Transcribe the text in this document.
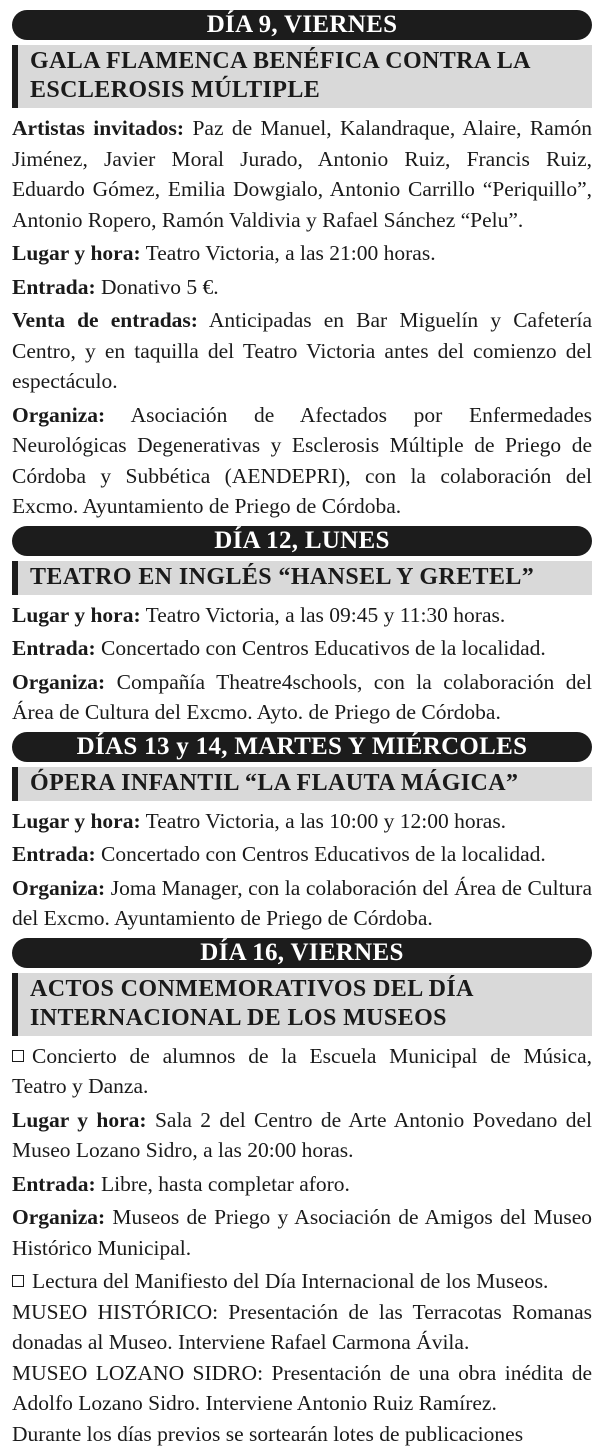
DÍA 9, VIERNES
GALA FLAMENCA BENÉFICA CONTRA LA
ESCLEROSIS MÚLTIPLE

Artistas invitados: Paz de Manuel, Kalandraque, Alaire, Ramón Jiménez, Javier Moral Jurado, Antonio Ruiz, Francis Ruiz, Eduardo Gómez, Emilia Dowgialo, Antonio Carrillo “Periquillo”, Antonio Ropero, Ramón Valdivia y Rafael Sánchez “Pelu”.

Lugar y hora: Teatro Victoria, a las 21:00 horas.

Entrada: Donativo 5 €.

Venta de entradas: Anticipadas en Bar Miguelín y Cafetería Centro, y en taquilla del Teatro Victoria antes del comienzo del espectáculo.

Organiza: Asociación de Afectados por Enfermedades Neurológicas Degenerativas y Esclerosis Múltiple de Priego de Córdoba y Subbética (AENDEPRI), con la colaboración del Excmo. Ayuntamiento de Priego de Córdoba.

DÍA 12, LUNES
TEATRO EN INGLÉS “HANSEL Y GRETEL”

Lugar y hora: Teatro Victoria, a las 09:45 y 11:30 horas.

Entrada: Concertado con Centros Educativos de la localidad.

Organiza: Compañía Theatre4schools, con la colaboración del Área de Cultura del Excmo. Ayto. de Priego de Córdoba.

DÍAS 13 y 14, MARTES Y MIÉRCOLES
ÓPERA INFANTIL “LA FLAUTA MÁGICA”

Lugar y hora: Teatro Victoria, a las 10:00 y 12:00 horas.

Entrada: Concertado con Centros Educativos de la localidad.

Organiza: Joma Manager, con la colaboración del Área de Cultura del Excmo. Ayuntamiento de Priego de Córdoba.

DÍA 16, VIERNES
ACTOS CONMEMORATIVOS DEL DÍA
INTERNACIONAL DE LOS MUSEOS

Concierto de alumnos de la Escuela Municipal de Música, Teatro y Danza.

Lugar y hora: Sala 2 del Centro de Arte Antonio Povedano del Museo Lozano Sidro, a las 20:00 horas.

Entrada: Libre, hasta completar aforo.

Organiza: Museos de Priego y Asociación de Amigos del Museo Histórico Municipal.

Lectura del Manifiesto del Día Internacional de los Museos.

MUSEO HISTÓRICO: Presentación de las Terracotas Romanas donadas al Museo. Interviene Rafael Carmona Ávila.

MUSEO LOZANO SIDRO: Presentación de una obra inédita de Adolfo Lozano Sidro. Interviene Antonio Ruiz Ramírez.

Durante los días previos se sortearán lotes de publicaciones
